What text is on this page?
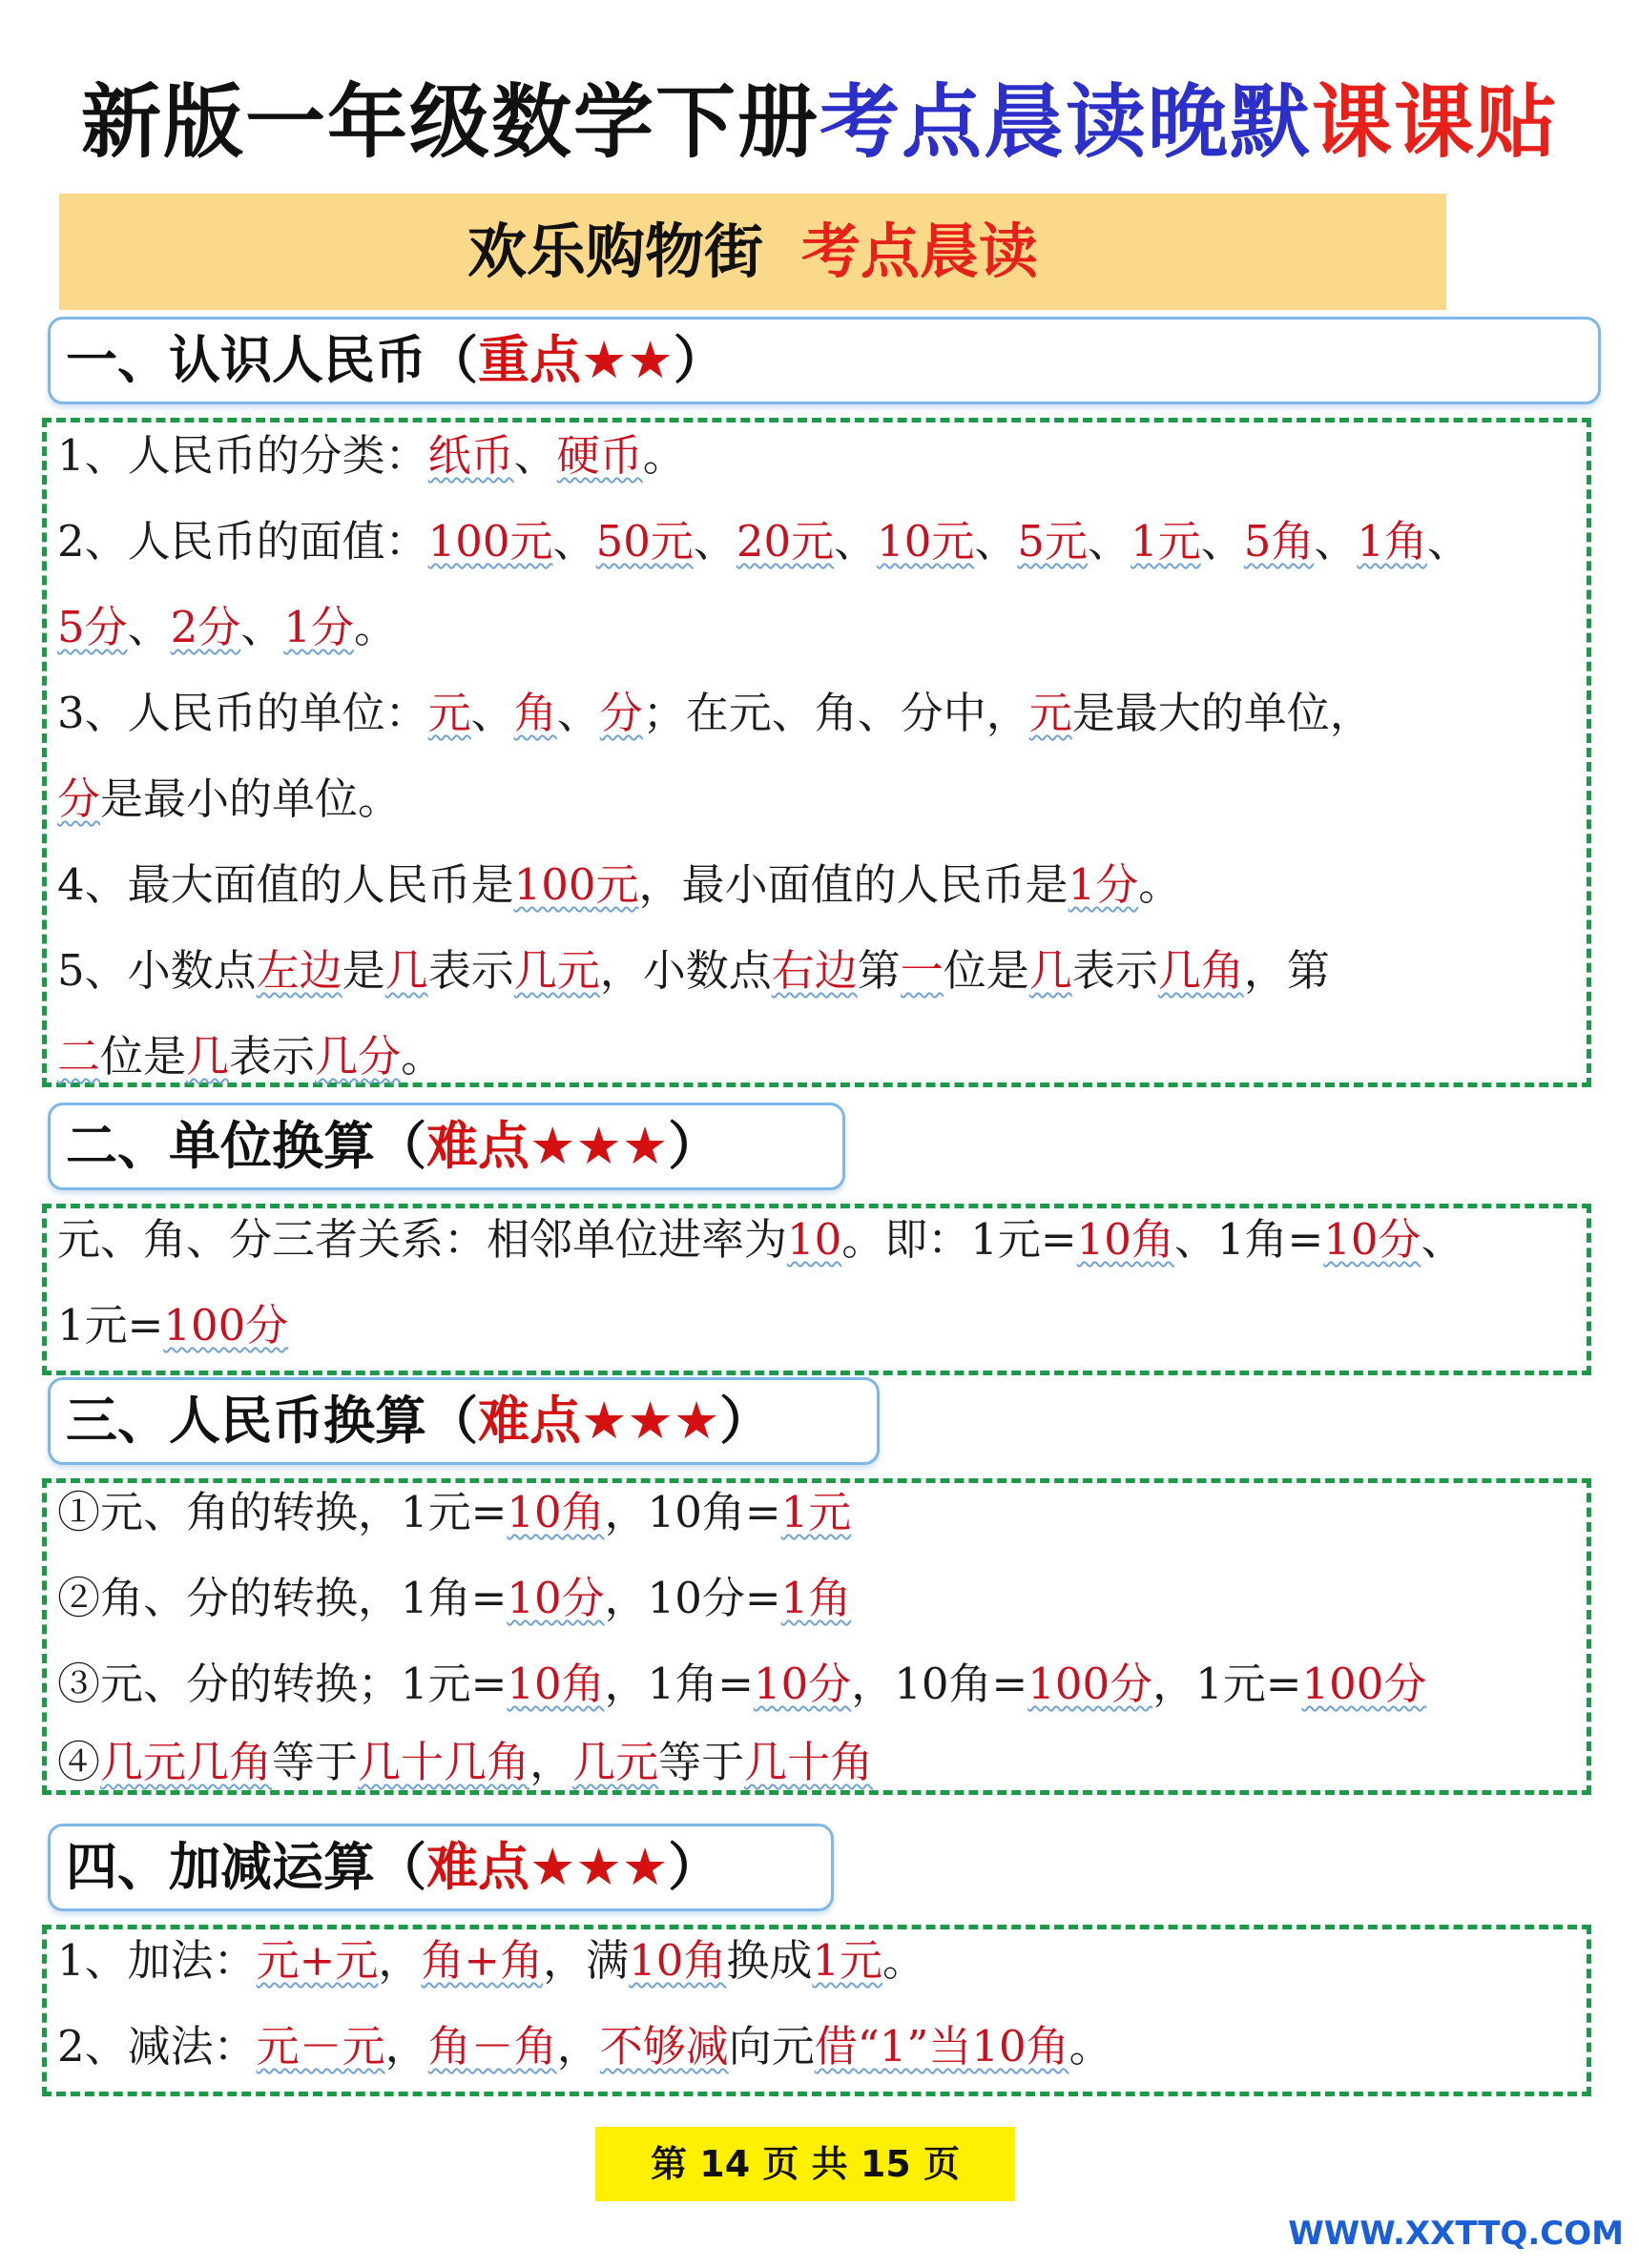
新版一年级数学下册考点晨读晚默课课贴
欢乐购物街 考点晨读
一、认识人民币（重点★★）
1、人民币的分类：纸币、硬币。
2、人民币的面值：100元、50元、20元、10元、5元、1元、5角、1角、
5分、2分、1分。
3、人民币的单位：元、角、分；在元、角、分中，元是最大的单位，
分是最小的单位。
4、最大面值的人民币是100元，最小面值的人民币是1分。
5、小数点左边是几表示几元，小数点右边第一位是几表示几角，第
二位是几表示几分。
二、单位换算（难点★★★）
元、角、分三者关系：相邻单位进率为10。即：1元=10角、1角=10分、
1元=100分
三、人民币换算（难点★★★）
①元、角的转换，1元=10角，10角=1元
②角、分的转换，1角=10分，10分=1角
③元、分的转换；1元=10角，1角=10分，10角=100分，1元=100分
④几元几角等于几十几角，几元等于几十角
四、加减运算（难点★★★）
1、加法：元+元，角+角，满10角换成1元。
2、减法：元－元，角－角，不够减向元借“1”当10角。
第 14 页 共 15 页
WWW.XXTTQ.COM
